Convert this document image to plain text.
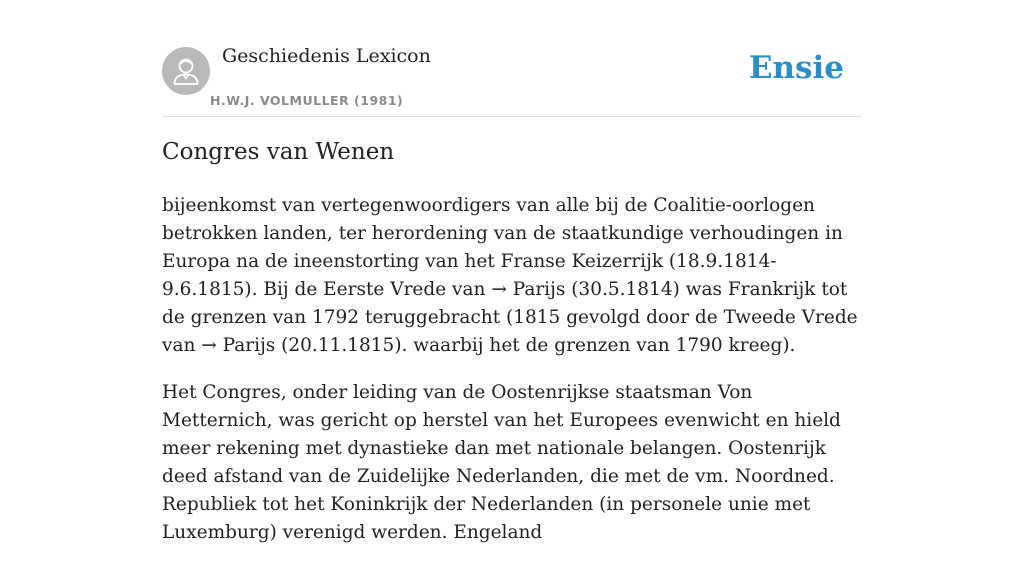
Geschiedenis Lexicon
H.W.J. VOLMULLER (1981)
Ensie
Congres van Wenen

bijeenkomst van vertegenwoordigers van alle bij de Coalitie-oorlogen betrokken landen, ter herordening van de staatkundige verhoudingen in Europa na de ineenstorting van het Franse Keizerrijk (18.9.1814-9.6.1815). Bij de Eerste Vrede van → Parijs (30.5.1814) was Frankrijk tot de grenzen van 1792 teruggebracht (1815 gevolgd door de Tweede Vrede van → Parijs (20.11.1815). waarbij het de grenzen van 1790 kreeg).

Het Congres, onder leiding van de Oostenrijkse staatsman Von Metternich, was gericht op herstel van het Europees evenwicht en hield meer rekening met dynastieke dan met nationale belangen. Oostenrijk deed afstand van de Zuidelijke Nederlanden, die met de vm. Noordned. Republiek tot het Koninkrijk der Nederlanden (in personele unie met Luxemburg) verenigd werden. Engeland
